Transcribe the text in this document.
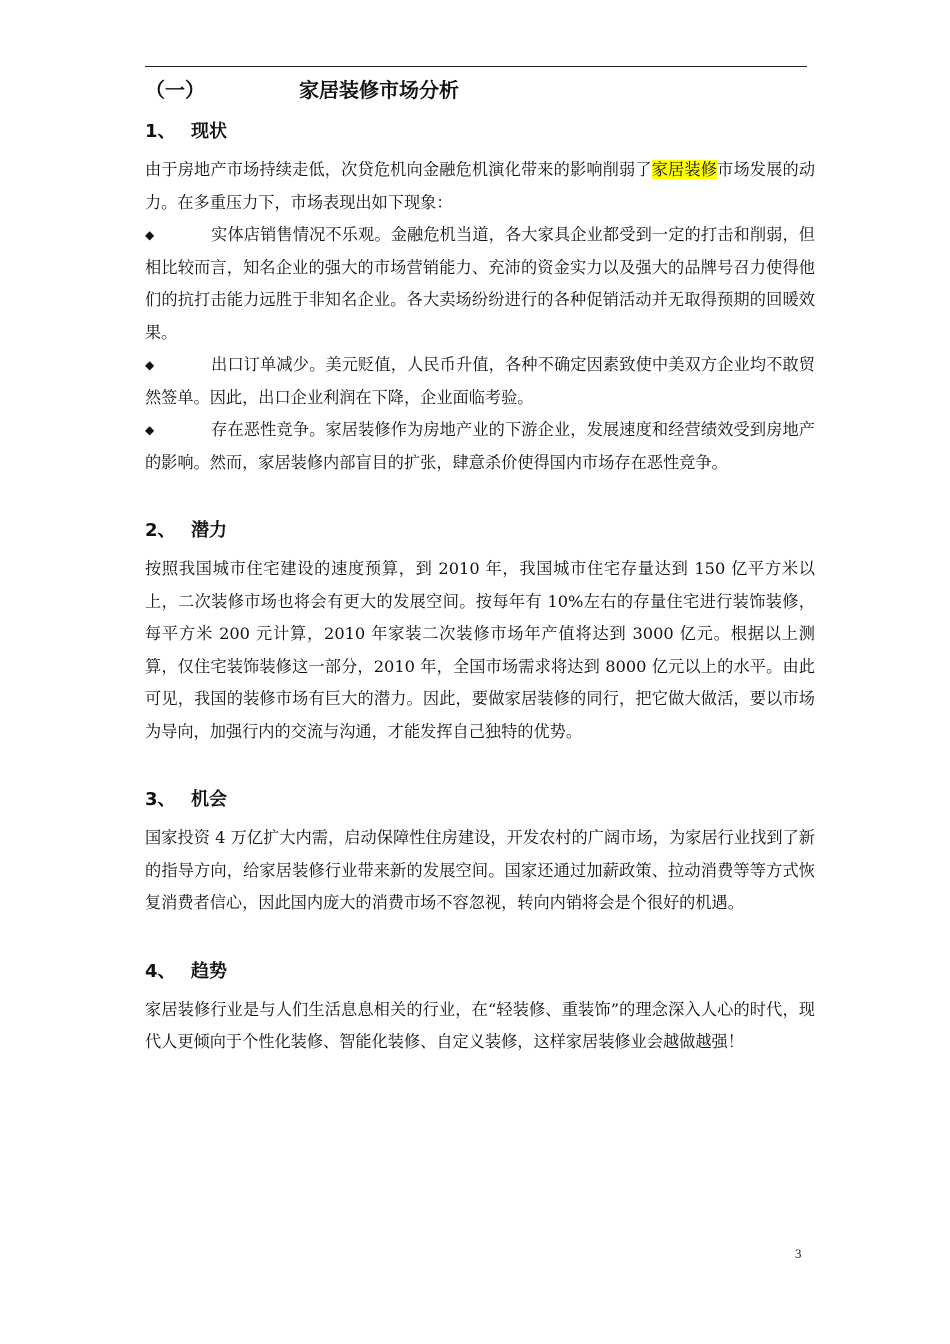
（一）	家居装修市场分析
1、 现状

由于房地产市场持续走低，次贷危机向金融危机演化带来的影响削弱了家居装修市场发展的动力。在多重压力下，市场表现出如下现象：

◆	实体店销售情况不乐观。金融危机当道，各大家具企业都受到一定的打击和削弱，但相比较而言，知名企业的强大的市场营销能力、充沛的资金实力以及强大的品牌号召力使得他们的抗打击能力远胜于非知名企业。各大卖场纷纷进行的各种促销活动并无取得预期的回暖效果。

◆	出口订单减少。美元贬值，人民币升值，各种不确定因素致使中美双方企业均不敢贸然签单。因此，出口企业利润在下降，企业面临考验。

◆	存在恶性竞争。家居装修作为房地产业的下游企业，发展速度和经营绩效受到房地产的影响。然而，家居装修内部盲目的扩张，肆意杀价使得国内市场存在恶性竞争。

2、 潜力

按照我国城市住宅建设的速度预算，到 2010 年，我国城市住宅存量达到 150 亿平方米以上，二次装修市场也将会有更大的发展空间。按每年有 10%左右的存量住宅进行装饰装修，每平方米 200 元计算，2010 年家装二次装修市场年产值将达到 3000 亿元。根据以上测算，仅住宅装饰装修这一部分，2010 年，全国市场需求将达到 8000 亿元以上的水平。由此可见，我国的装修市场有巨大的潜力。因此，要做家居装修的同行，把它做大做活，要以市场为导向，加强行内的交流与沟通，才能发挥自己独特的优势。

3、 机会

国家投资 4 万亿扩大内需，启动保障性住房建设，开发农村的广阔市场，为家居行业找到了新的指导方向，给家居装修行业带来新的发展空间。国家还通过加薪政策、拉动消费等等方式恢复消费者信心，因此国内庞大的消费市场不容忽视，转向内销将会是个很好的机遇。

4、 趋势

家居装修行业是与人们生活息息相关的行业，在“轻装修、重装饰”的理念深入人心的时代，现代人更倾向于个性化装修、智能化装修、自定义装修，这样家居装修业会越做越强！

3
